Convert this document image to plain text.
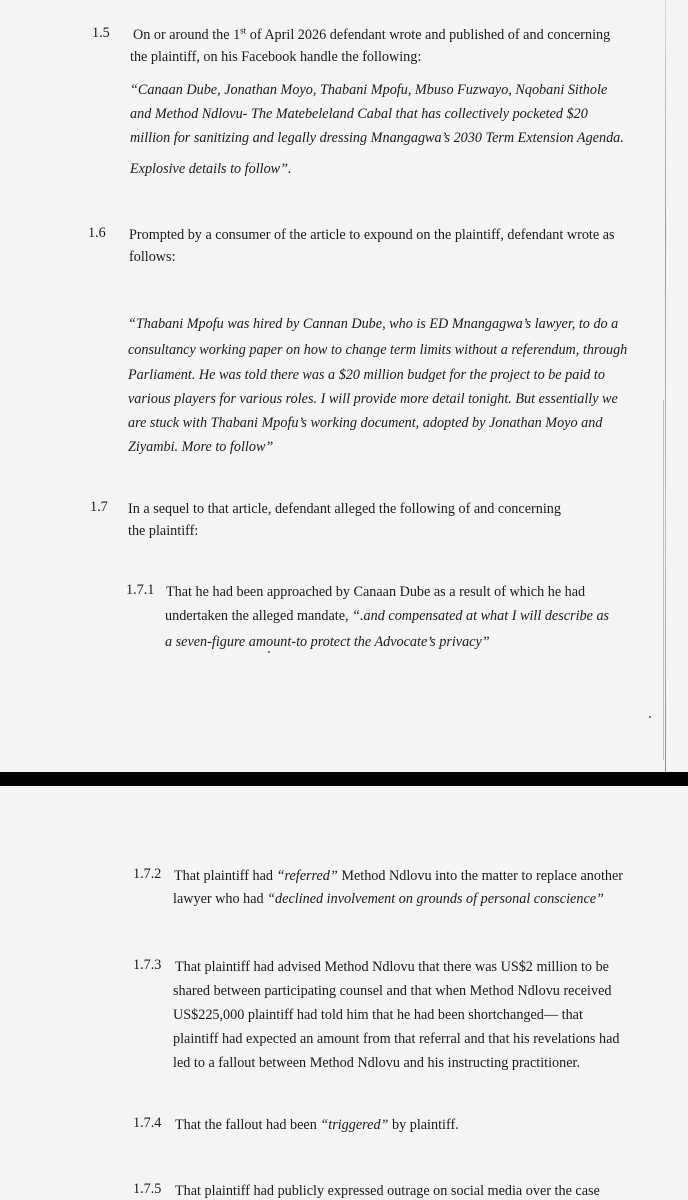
1.5 On or around the 1st of April 2026 defendant wrote and published of and concerning
the plaintiff, on his Facebook handle the following:
“Canaan Dube, Jonathan Moyo, Thabani Mpofu, Mbuso Fuzwayo, Nqobani Sithole
and Method Ndlovu- The Matebeleland Cabal that has collectively pocketed $20
million for sanitizing and legally dressing Mnangagwa’s 2030 Term Extension Agenda.
Explosive details to follow”.
1.6 Prompted by a consumer of the article to expound on the plaintiff, defendant wrote as
follows:
“Thabani Mpofu was hired by Cannan Dube, who is ED Mnangagwa’s lawyer, to do a
consultancy working paper on how to change term limits without a referendum, through
Parliament. He was told there was a $20 million budget for the project to be paid to
various players for various roles. I will provide more detail tonight. But essentially we
are stuck with Thabani Mpofu’s working document, adopted by Jonathan Moyo and
Ziyambi. More to follow”
1.7 In a sequel to that article, defendant alleged the following of and concerning
the plaintiff:
1.7.1 That he had been approached by Canaan Dube as a result of which he had
undertaken the alleged mandate, “.and compensated at what I will describe as
a seven-figure amount-to protect the Advocate’s privacy”
1.7.2 That plaintiff had “referred” Method Ndlovu into the matter to replace another
lawyer who had “declined involvement on grounds of personal conscience”
1.7.3 That plaintiff had advised Method Ndlovu that there was US$2 million to be
shared between participating counsel and that when Method Ndlovu received
US$225,000 plaintiff had told him that he had been shortchanged— that
plaintiff had expected an amount from that referral and that his revelations had
led to a fallout between Method Ndlovu and his instructing practitioner.
1.7.4 That the fallout had been “triggered” by plaintiff.
1.7.5 That plaintiff had publicly expressed outrage on social media over the case
